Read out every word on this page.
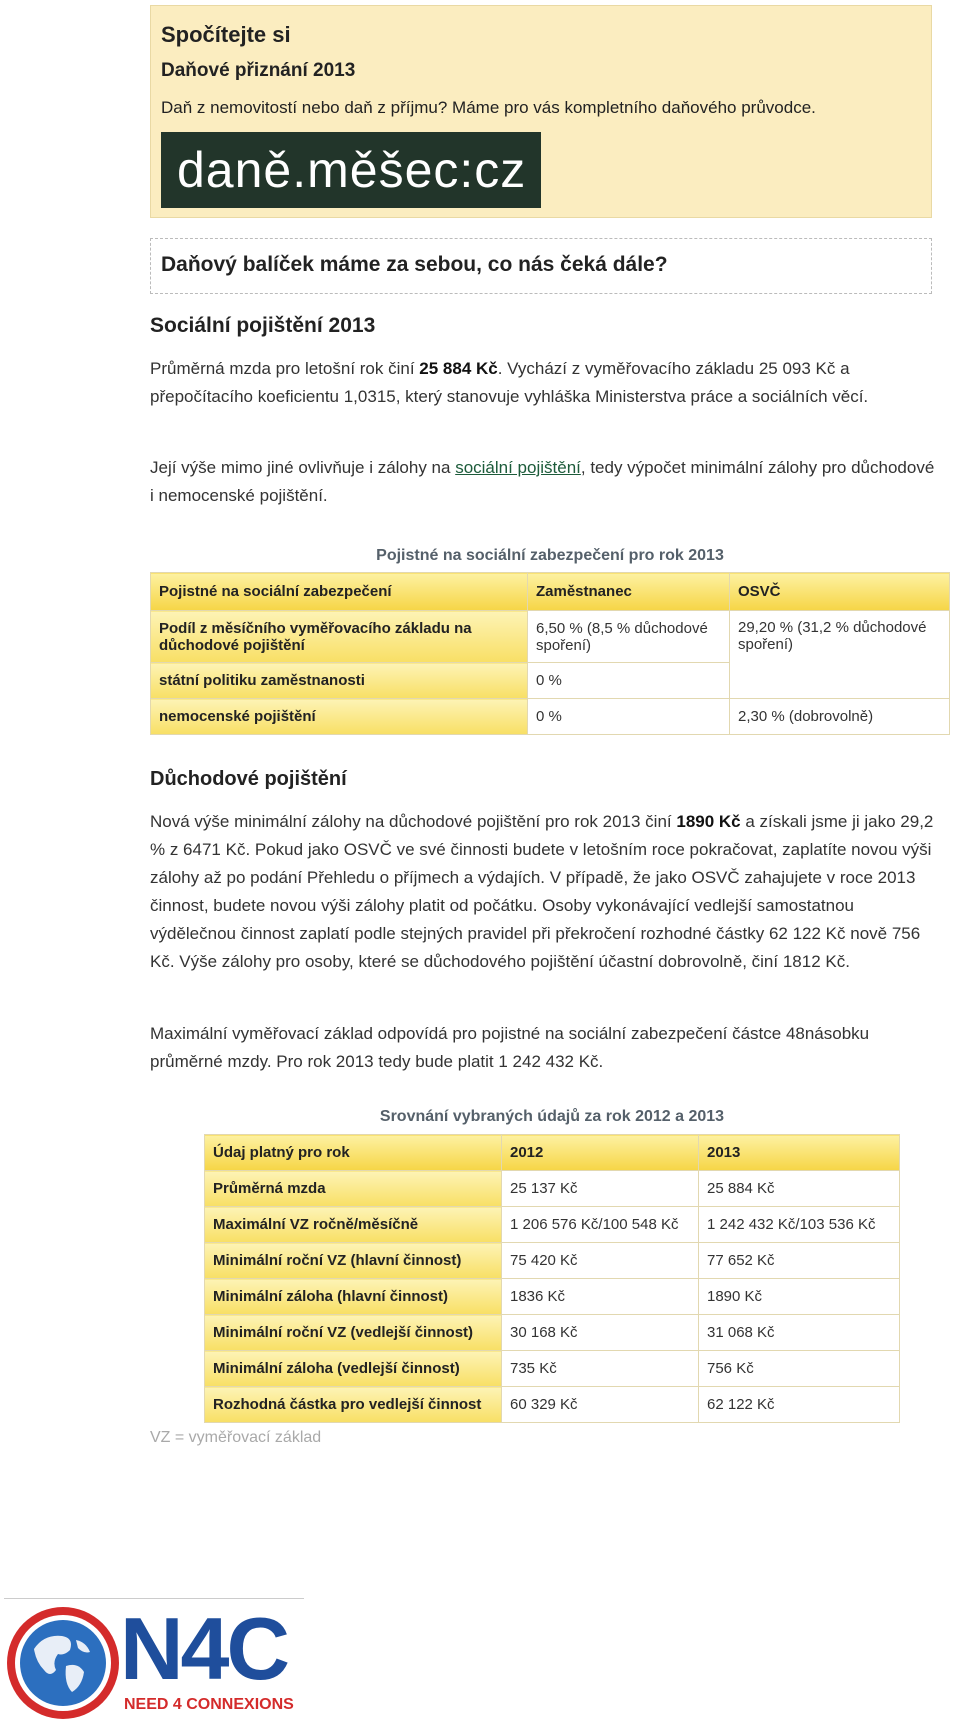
Spočítejte si
Daňové přiznání 2013
Daň z nemovitostí nebo daň z příjmu? Máme pro vás kompletního daňového průvodce.
daně.měšec:cz
Daňový balíček máme za sebou, co nás čeká dále?
Sociální pojištění 2013
Průměrná mzda pro letošní rok činí 25 884 Kč. Vychází z vyměřovacího základu 25 093 Kč a přepočítacího koeficientu 1,0315, který stanovuje vyhláška Ministerstva práce a sociálních věcí.
Její výše mimo jiné ovlivňuje i zálohy na sociální pojištění, tedy výpočet minimální zálohy pro důchodové i nemocenské pojištění.
Pojistné na sociální zabezpečení pro rok 2013
Pojistné na sociální zabezpečení	Zaměstnanec	OSVČ
Podíl z měsíčního vyměřovacího základu na důchodové pojištění	6,50 % (8,5 % důchodové spoření)	29,20 % (31,2 % důchodové spoření)
státní politiku zaměstnanosti	0 %	
nemocenské pojištění	0 %	2,30 % (dobrovolně)
Důchodové pojištění
Nová výše minimální zálohy na důchodové pojištění pro rok 2013 činí 1890 Kč a získali jsme ji jako 29,2 % z 6471 Kč. Pokud jako OSVČ ve své činnosti budete v letošním roce pokračovat, zaplatíte novou výši zálohy až po podání Přehledu o příjmech a výdajích. V případě, že jako OSVČ zahajujete v roce 2013 činnost, budete novou výši zálohy platit od počátku. Osoby vykonávající vedlejší samostatnou výdělečnou činnost zaplatí podle stejných pravidel při překročení rozhodné částky 62 122 Kč nově 756 Kč. Výše zálohy pro osoby, které se důchodového pojištění účastní dobrovolně, činí 1812 Kč.
Maximální vyměřovací základ odpovídá pro pojistné na sociální zabezpečení částce 48násobku průměrné mzdy. Pro rok 2013 tedy bude platit 1 242 432 Kč.
Srovnání vybraných údajů za rok 2012 a 2013
Údaj platný pro rok	2012	2013
Průměrná mzda	25 137 Kč	25 884 Kč
Maximální VZ ročně/měsíčně	1 206 576 Kč/100 548 Kč	1 242 432 Kč/103 536 Kč
Minimální roční VZ (hlavní činnost)	75 420 Kč	77 652 Kč
Minimální záloha (hlavní činnost)	1836 Kč	1890 Kč
Minimální roční VZ (vedlejší činnost)	30 168 Kč	31 068 Kč
Minimální záloha (vedlejší činnost)	735 Kč	756 Kč
Rozhodná částka pro vedlejší činnost	60 329 Kč	62 122 Kč
VZ = vyměřovací základ
N4C
NEED 4 CONNEXIONS
